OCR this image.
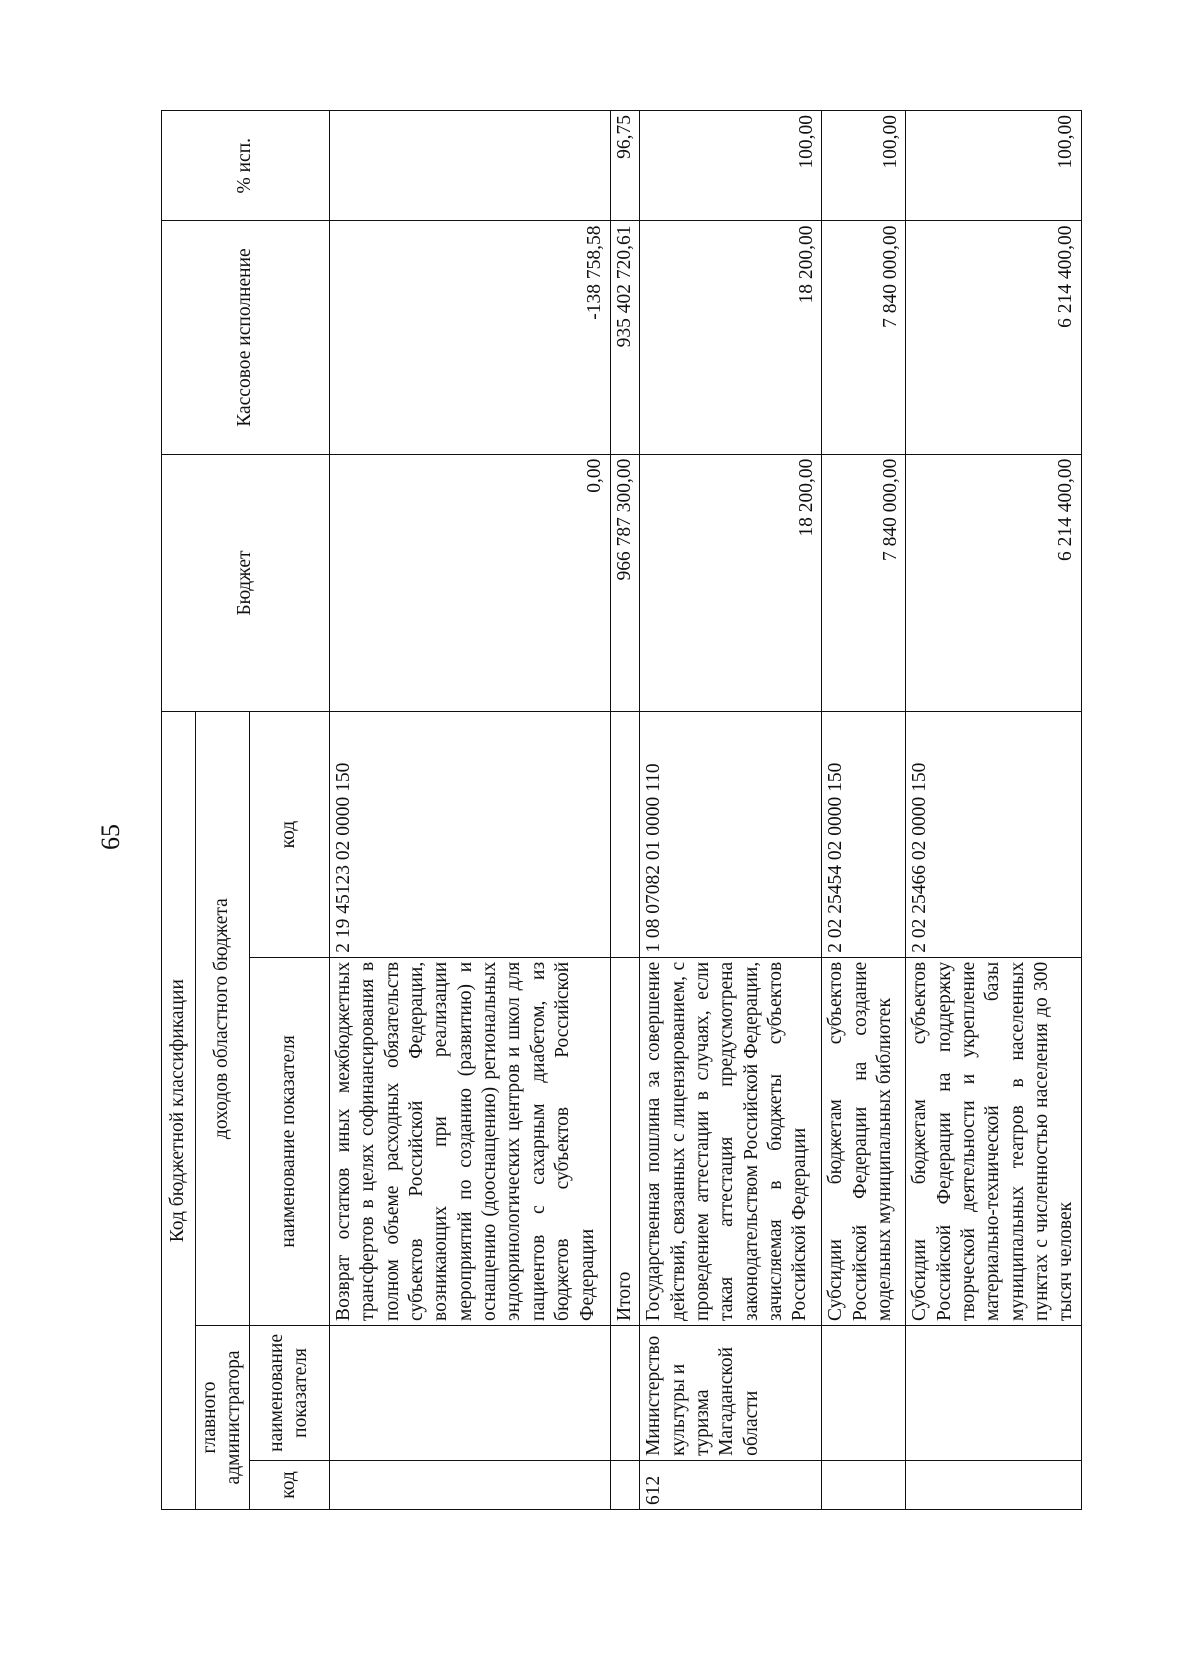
65
Код бюджетной классификации				Бюджет	Кассовое исполнение	% исп.
главного администратора		доходов областного бюджета				
код	наименование показателя	наименование показателя	код			
		Возврат остатков иных межбюджетных трансфертов в целях софинансирования в полном объеме расходных обязательств субъектов Российской Федерации, возникающих при реализации мероприятий по созданию (развитию) и оснащению (дооснащению) региональных эндокринологических центров и школ для пациентов с сахарным диабетом, из бюджетов субъектов Российской Федерации	2 19 45123 02 0000 150	0,00	-138 758,58	
		Итого		966 787 300,00	935 402 720,61	96,75
612	Министерство культуры и туризма Магаданской области	Государственная пошлина за совершение действий, связанных с лицензированием, с проведением аттестации в случаях, если такая аттестация предусмотрена законодательством Российской Федерации, зачисляемая в бюджеты субъектов Российской Федерации	1 08 07082 01 0000 110	18 200,00	18 200,00	100,00
		Субсидии бюджетам субъектов Российской Федерации на создание модельных муниципальных библиотек	2 02 25454 02 0000 150	7 840 000,00	7 840 000,00	100,00
		Субсидии бюджетам субъектов Российской Федерации на поддержку творческой деятельности и укрепление материально-технической базы муниципальных театров в населенных пунктах с численностью населения до 300 тысяч человек	2 02 25466 02 0000 150	6 214 400,00	6 214 400,00	100,00
